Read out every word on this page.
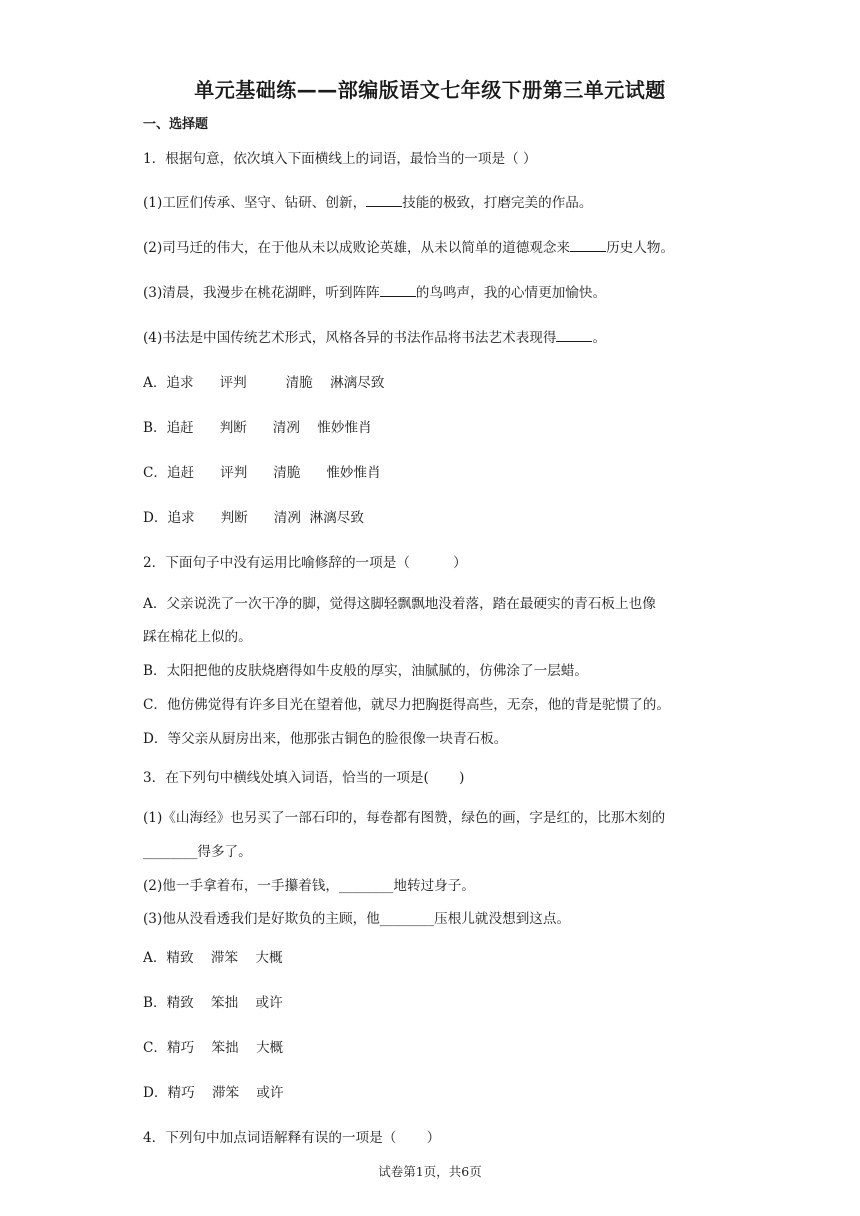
单元基础练——部编版语文七年级下册第三单元试题
一、选择题
1．根据句意，依次填入下面横线上的词语，最恰当的一项是（ ）
(1)工匠们传承、坚守、钻研、创新，	技能的极致，打磨完美的作品。
(2)司马迁的伟大，在于他从未以成败论英雄，从未以简单的道德观念来	历史人物。
(3)清晨，我漫步在桃花湖畔，听到阵阵	的鸟鸣声，我的心情更加愉快。
(4)书法是中国传统艺术形式，风格各异的书法作品将书法艺术表现得	。
A．追求      评判         清脆    淋漓尽致
B．追赶      判断      清冽    惟妙惟肖
C．追赶      评判      清脆      惟妙惟肖
D．追求      判断      清冽  淋漓尽致
2．下面句子中没有运用比喻修辞的一项是（          ）
A．父亲说洗了一次干净的脚，觉得这脚轻飘飘地没着落，踏在最硬实的青石板上也像
踩在棉花上似的。
B．太阳把他的皮肤烧磨得如牛皮般的厚实，油腻腻的，仿佛涂了一层蜡。
C．他仿佛觉得有许多目光在望着他，就尽力把胸挺得高些，无奈，他的背是驼惯了的。
D．等父亲从厨房出来，他那张古铜色的脸很像一块青石板。
3．在下列句中横线处填入词语，恰当的一项是(       )
(1)《山海经》也另买了一部石印的，每卷都有图赞，绿色的画，字是红的，比那木刻的
________得多了。
(2)他一手拿着布，一手攥着钱，________地转过身子。
(3)他从没看透我们是好欺负的主顾，他________压根儿就没想到这点。
A．精致    滞笨    大概
B．精致    笨拙    或许
C．精巧    笨拙    大概
D．精巧    滞笨    或许
4．下列句中加点词语解释有误的一项是（       ）
试卷第1页，共6页
